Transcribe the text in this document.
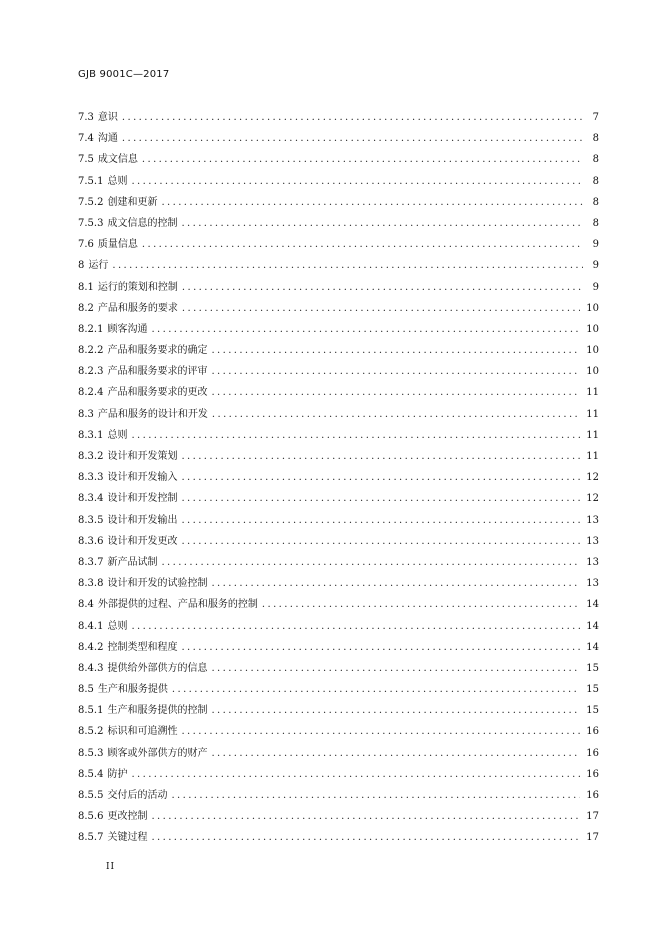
GJB 9001C—2017
7.3 意识 .....	7
7.4 沟通 .....	8
7.5 成文信息 .....	8
7.5.1 总则 .....	8
7.5.2 创建和更新 .....	8
7.5.3 成文信息的控制 .....	8
7.6 质量信息 .....	9
8 运行 .....	9
8.1 运行的策划和控制 .....	9
8.2 产品和服务的要求 .....	10
8.2.1 顾客沟通 .....	10
8.2.2 产品和服务要求的确定 .....	10
8.2.3 产品和服务要求的评审 .....	10
8.2.4 产品和服务要求的更改 .....	11
8.3 产品和服务的设计和开发 .....	11
8.3.1 总则 .....	11
8.3.2 设计和开发策划 .....	11
8.3.3 设计和开发输入 .....	12
8.3.4 设计和开发控制 .....	12
8.3.5 设计和开发输出 .....	13
8.3.6 设计和开发更改 .....	13
8.3.7 新产品试制 .....	13
8.3.8 设计和开发的试验控制 .....	13
8.4 外部提供的过程、产品和服务的控制 .....	14
8.4.1 总则 .....	14
8.4.2 控制类型和程度 .....	14
8.4.3 提供给外部供方的信息 .....	15
8.5 生产和服务提供 .....	15
8.5.1 生产和服务提供的控制 .....	15
8.5.2 标识和可追溯性 .....	16
8.5.3 顾客或外部供方的财产 .....	16
8.5.4 防护 .....	16
8.5.5 交付后的活动 .....	16
8.5.6 更改控制 .....	17
8.5.7 关键过程 .....	17
II
